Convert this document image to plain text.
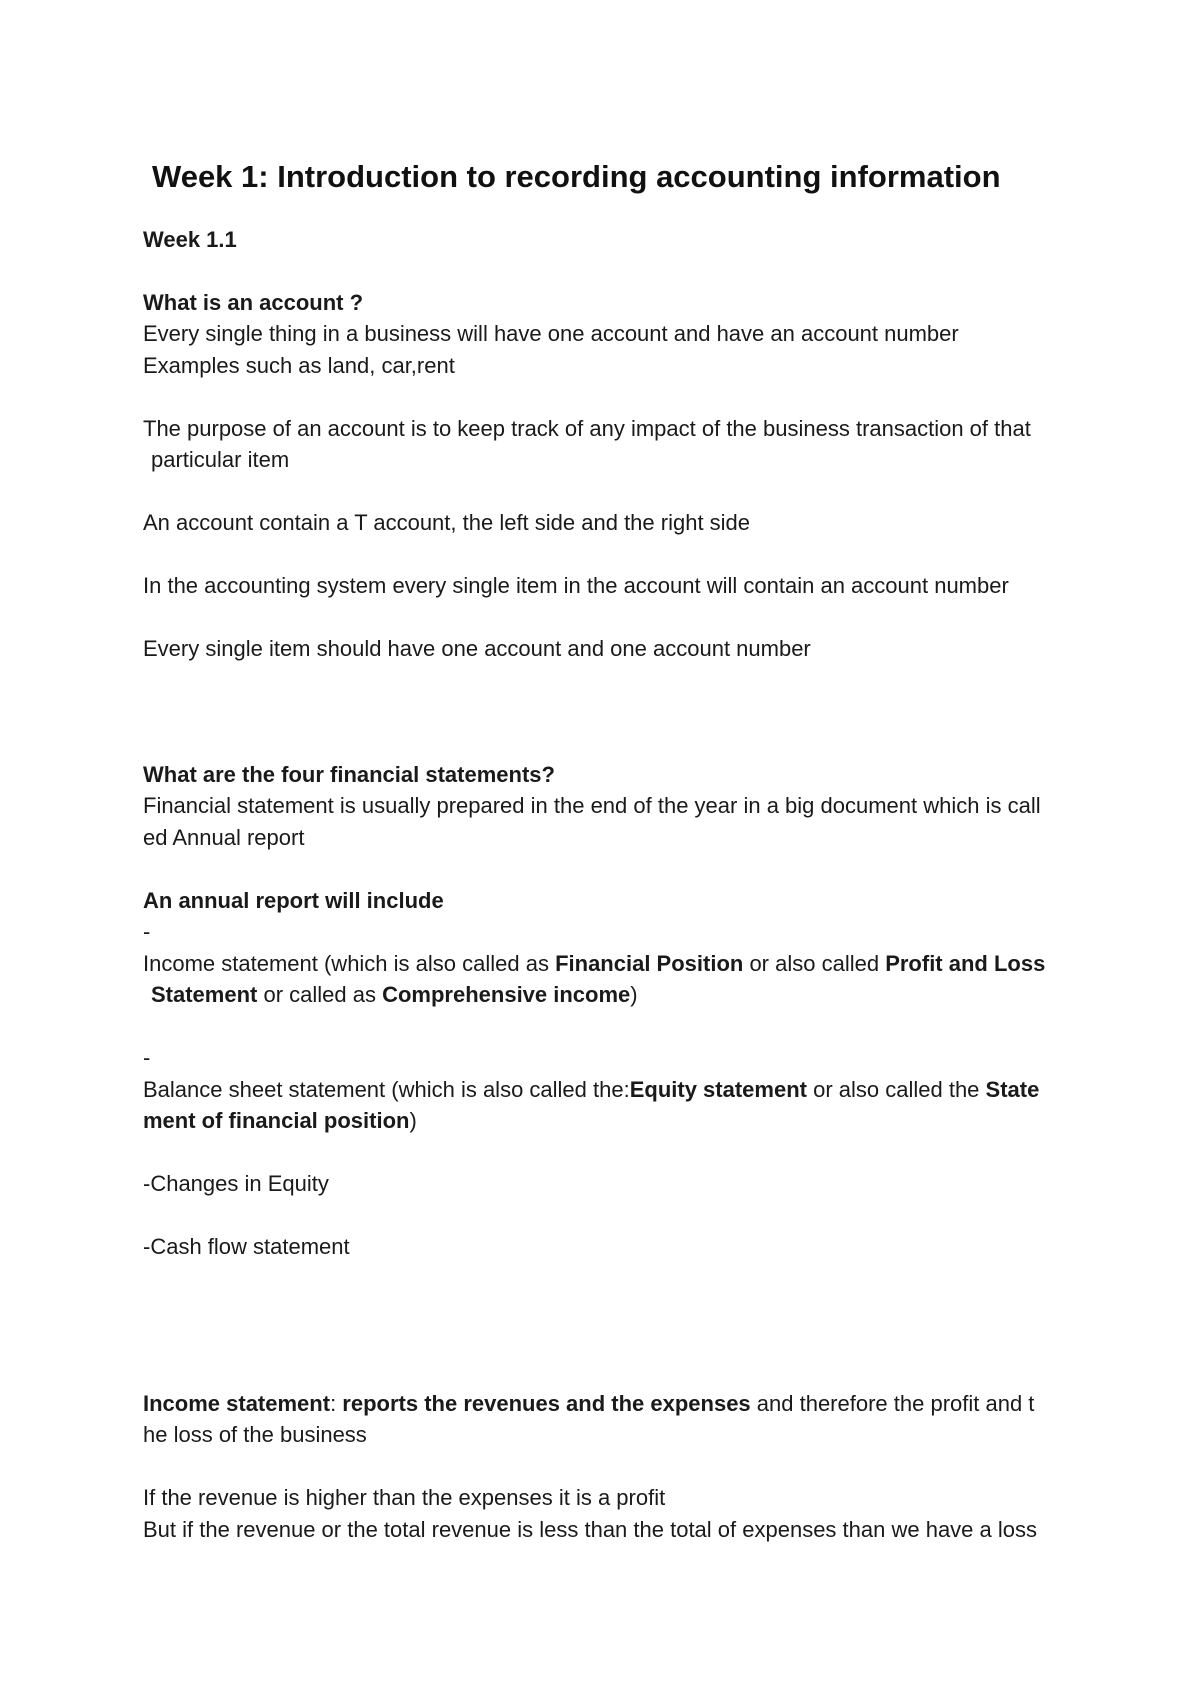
Week 1: Introduction to recording accounting information
Week 1.1
What is an account ?
Every single thing in a business will have one account and have an account number
Examples such as land, car,rent
The purpose of an account is to keep track of any impact of the business transaction of that
particular item
An account contain a T account, the left side and the right side
In the accounting system every single item in the account will contain an account number
Every single item should have one account and one account number
What are the four financial statements?
Financial statement is usually prepared in the end of the year in a big document which is call
ed Annual report
An annual report will include
-
Income statement (which is also called as Financial Position or also called Profit and Loss
Statement or called as Comprehensive income)
-
Balance sheet statement (which is also called the:Equity statement or also called the State
ment of financial position)
-Changes in Equity
-Cash flow statement
Income statement: reports the revenues and the expenses and therefore the profit and t
he loss of the business
If the revenue is higher than the expenses it is a profit
But if the revenue or the total revenue is less than the total of expenses than we have a loss
